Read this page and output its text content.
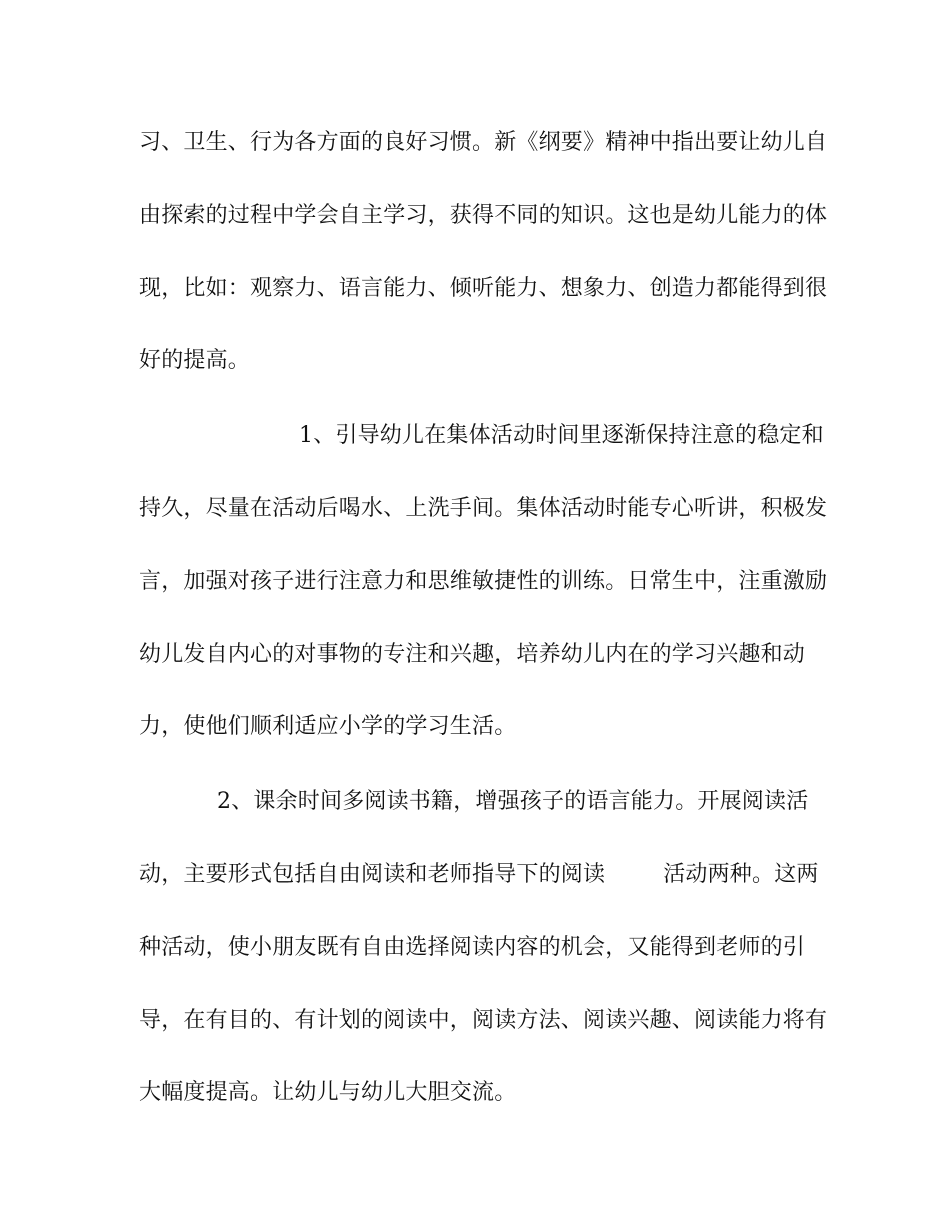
习、卫生、行为各方面的良好习惯。新《纲要》精神中指出要让幼儿自
由探索的过程中学会自主学习，获得不同的知识。这也是幼儿能力的体
现，比如：观察力、语言能力、倾听能力、想象力、创造力都能得到很
好的提高。
1、引导幼儿在集体活动时间里逐渐保持注意的稳定和
持久，尽量在活动后喝水、上洗手间。集体活动时能专心听讲，积极发
言，加强对孩子进行注意力和思维敏捷性的训练。日常生中，注重激励
幼儿发自内心的对事物的专注和兴趣，培养幼儿内在的学习兴趣和动
力，使他们顺利适应小学的学习生活。
2、课余时间多阅读书籍，增强孩子的语言能力。开展阅读活
动，主要形式包括自由阅读和老师指导下的阅读	活动两种。这两
种活动，使小朋友既有自由选择阅读内容的机会，又能得到老师的引
导，在有目的、有计划的阅读中，阅读方法、阅读兴趣、阅读能力将有
大幅度提高。让幼儿与幼儿大胆交流。
